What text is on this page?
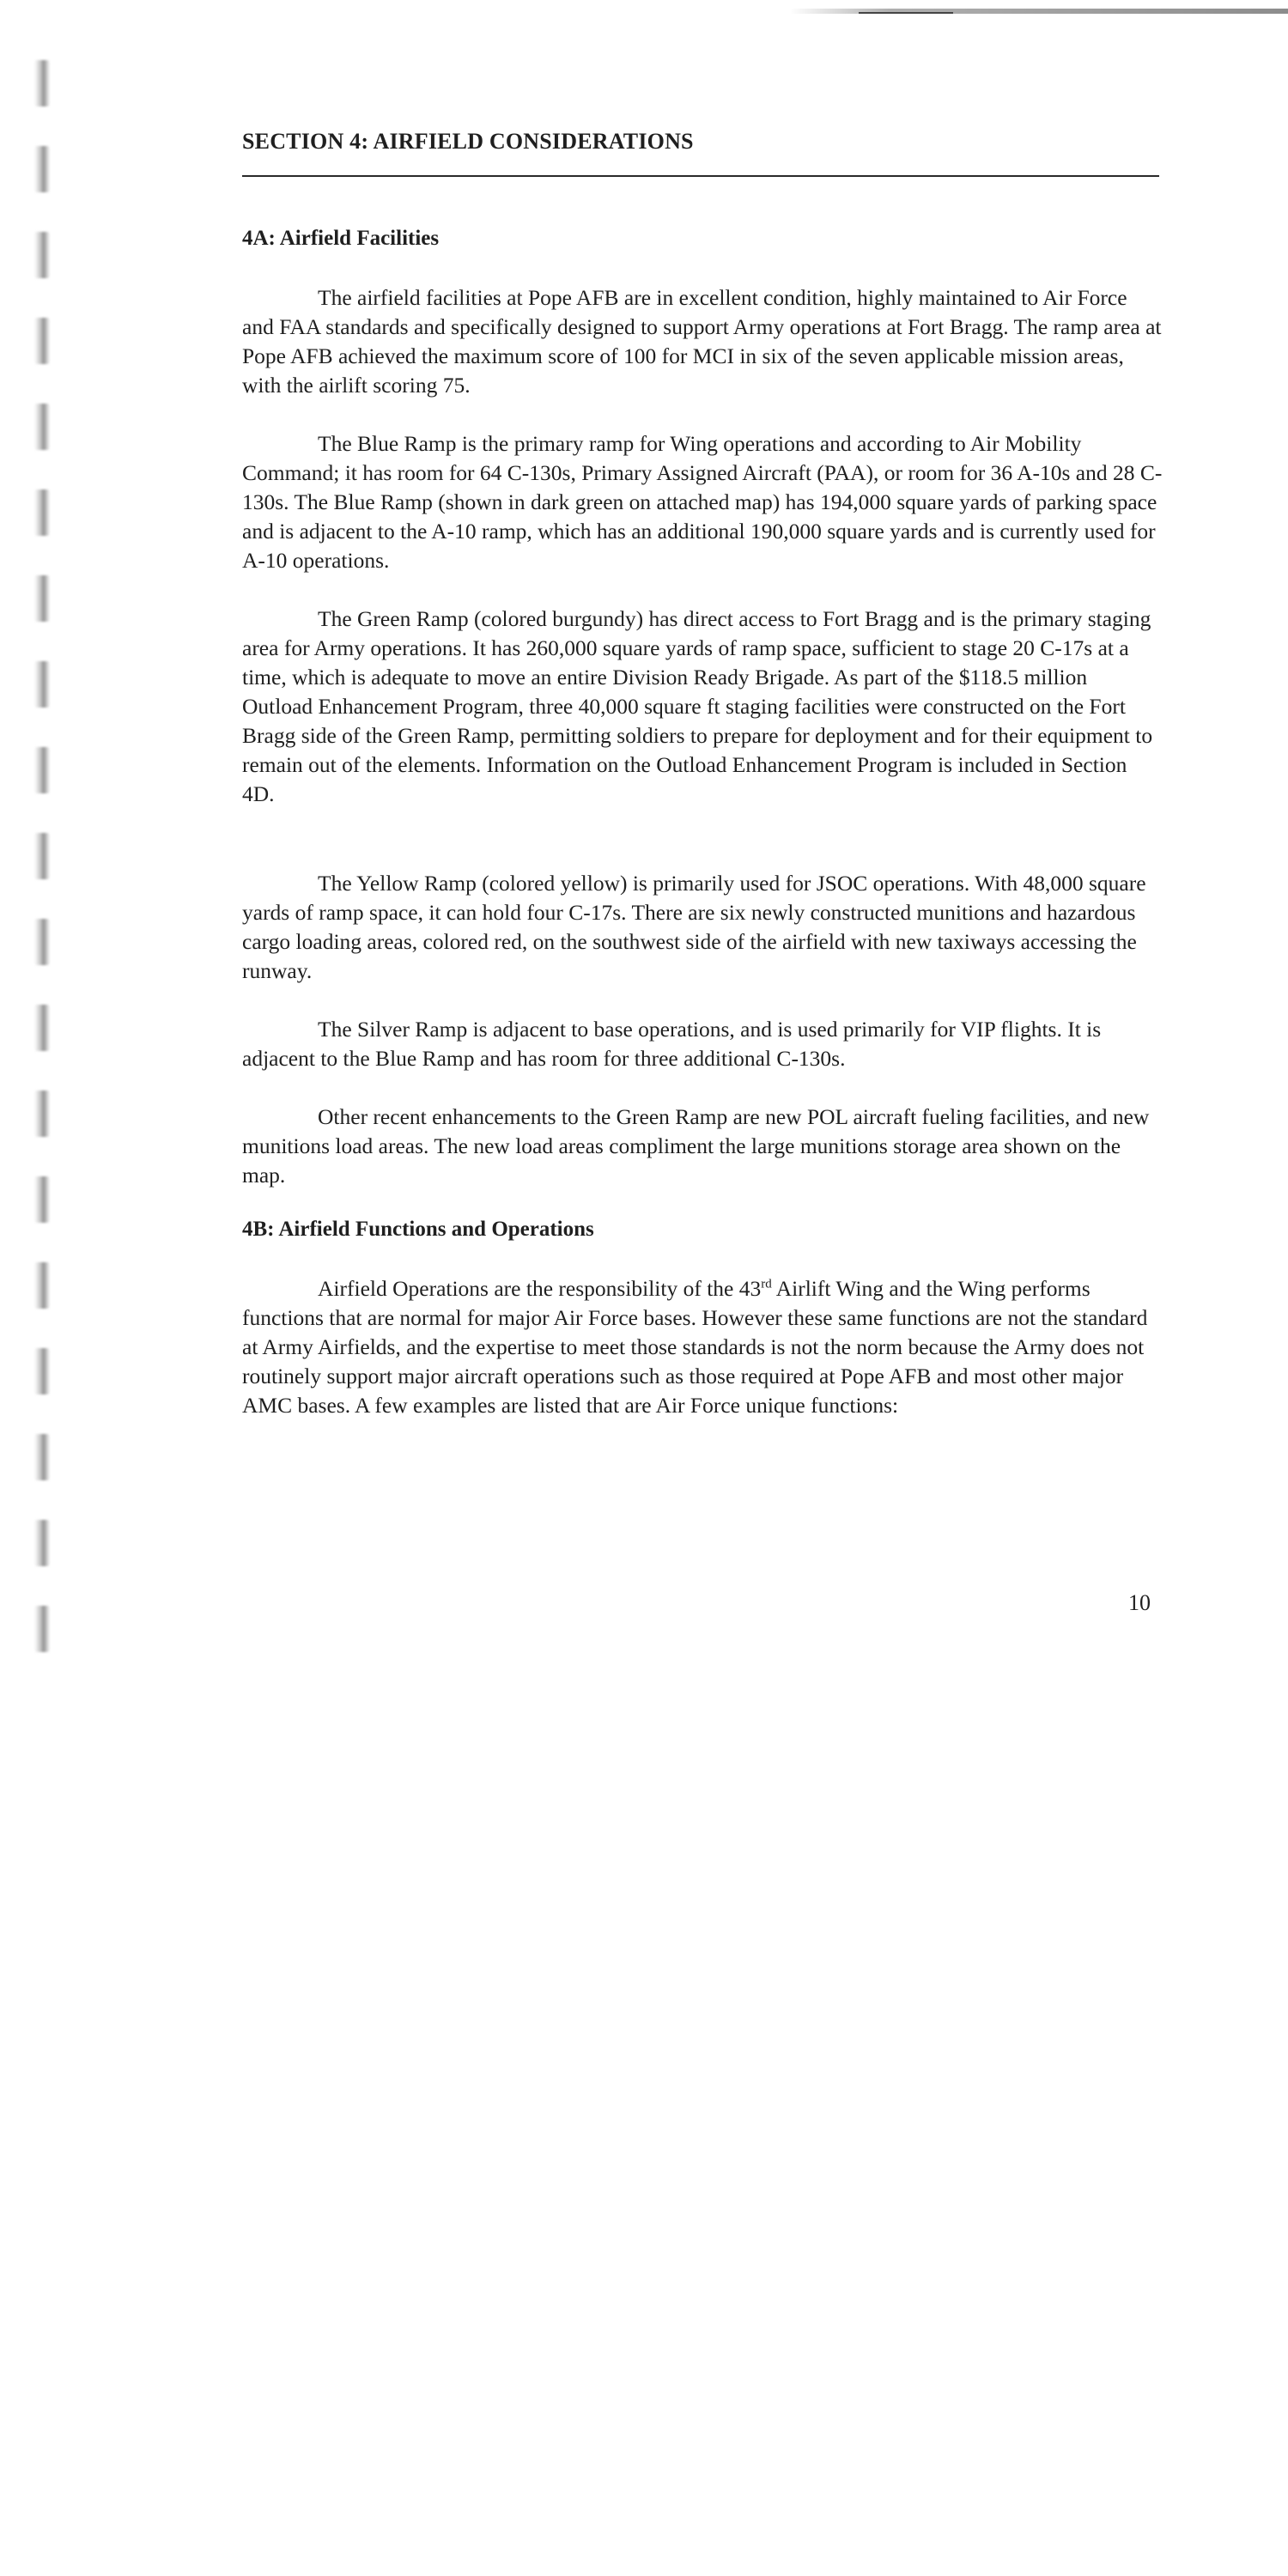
SECTION 4: AIRFIELD CONSIDERATIONS
4A: Airfield Facilities

The airfield facilities at Pope AFB are in excellent condition, highly maintained to Air Force and FAA standards and specifically designed to support Army operations at Fort Bragg. The ramp area at Pope AFB achieved the maximum score of 100 for MCI in six of the seven applicable mission areas, with the airlift scoring 75.

The Blue Ramp is the primary ramp for Wing operations and according to Air Mobility Command; it has room for 64 C-130s, Primary Assigned Aircraft (PAA), or room for 36 A-10s and 28 C-130s. The Blue Ramp (shown in dark green on attached map) has 194,000 square yards of parking space and is adjacent to the A-10 ramp, which has an additional 190,000 square yards and is currently used for A-10 operations.

The Green Ramp (colored burgundy) has direct access to Fort Bragg and is the primary staging area for Army operations. It has 260,000 square yards of ramp space, sufficient to stage 20 C-17s at a time, which is adequate to move an entire Division Ready Brigade. As part of the $118.5 million Outload Enhancement Program, three 40,000 square ft staging facilities were constructed on the Fort Bragg side of the Green Ramp, permitting soldiers to prepare for deployment and for their equipment to remain out of the elements. Information on the Outload Enhancement Program is included in Section 4D.

The Yellow Ramp (colored yellow) is primarily used for JSOC operations. With 48,000 square yards of ramp space, it can hold four C-17s. There are six newly constructed munitions and hazardous cargo loading areas, colored red, on the southwest side of the airfield with new taxiways accessing the runway.

The Silver Ramp is adjacent to base operations, and is used primarily for VIP flights. It is adjacent to the Blue Ramp and has room for three additional C-130s.

Other recent enhancements to the Green Ramp are new POL aircraft fueling facilities, and new munitions load areas. The new load areas compliment the large munitions storage area shown on the map.

4B: Airfield Functions and Operations

Airfield Operations are the responsibility of the 43rd Airlift Wing and the Wing performs functions that are normal for major Air Force bases. However these same functions are not the standard at Army Airfields, and the expertise to meet those standards is not the norm because the Army does not routinely support major aircraft operations such as those required at Pope AFB and most other major AMC bases. A few examples are listed that are Air Force unique functions:

10
